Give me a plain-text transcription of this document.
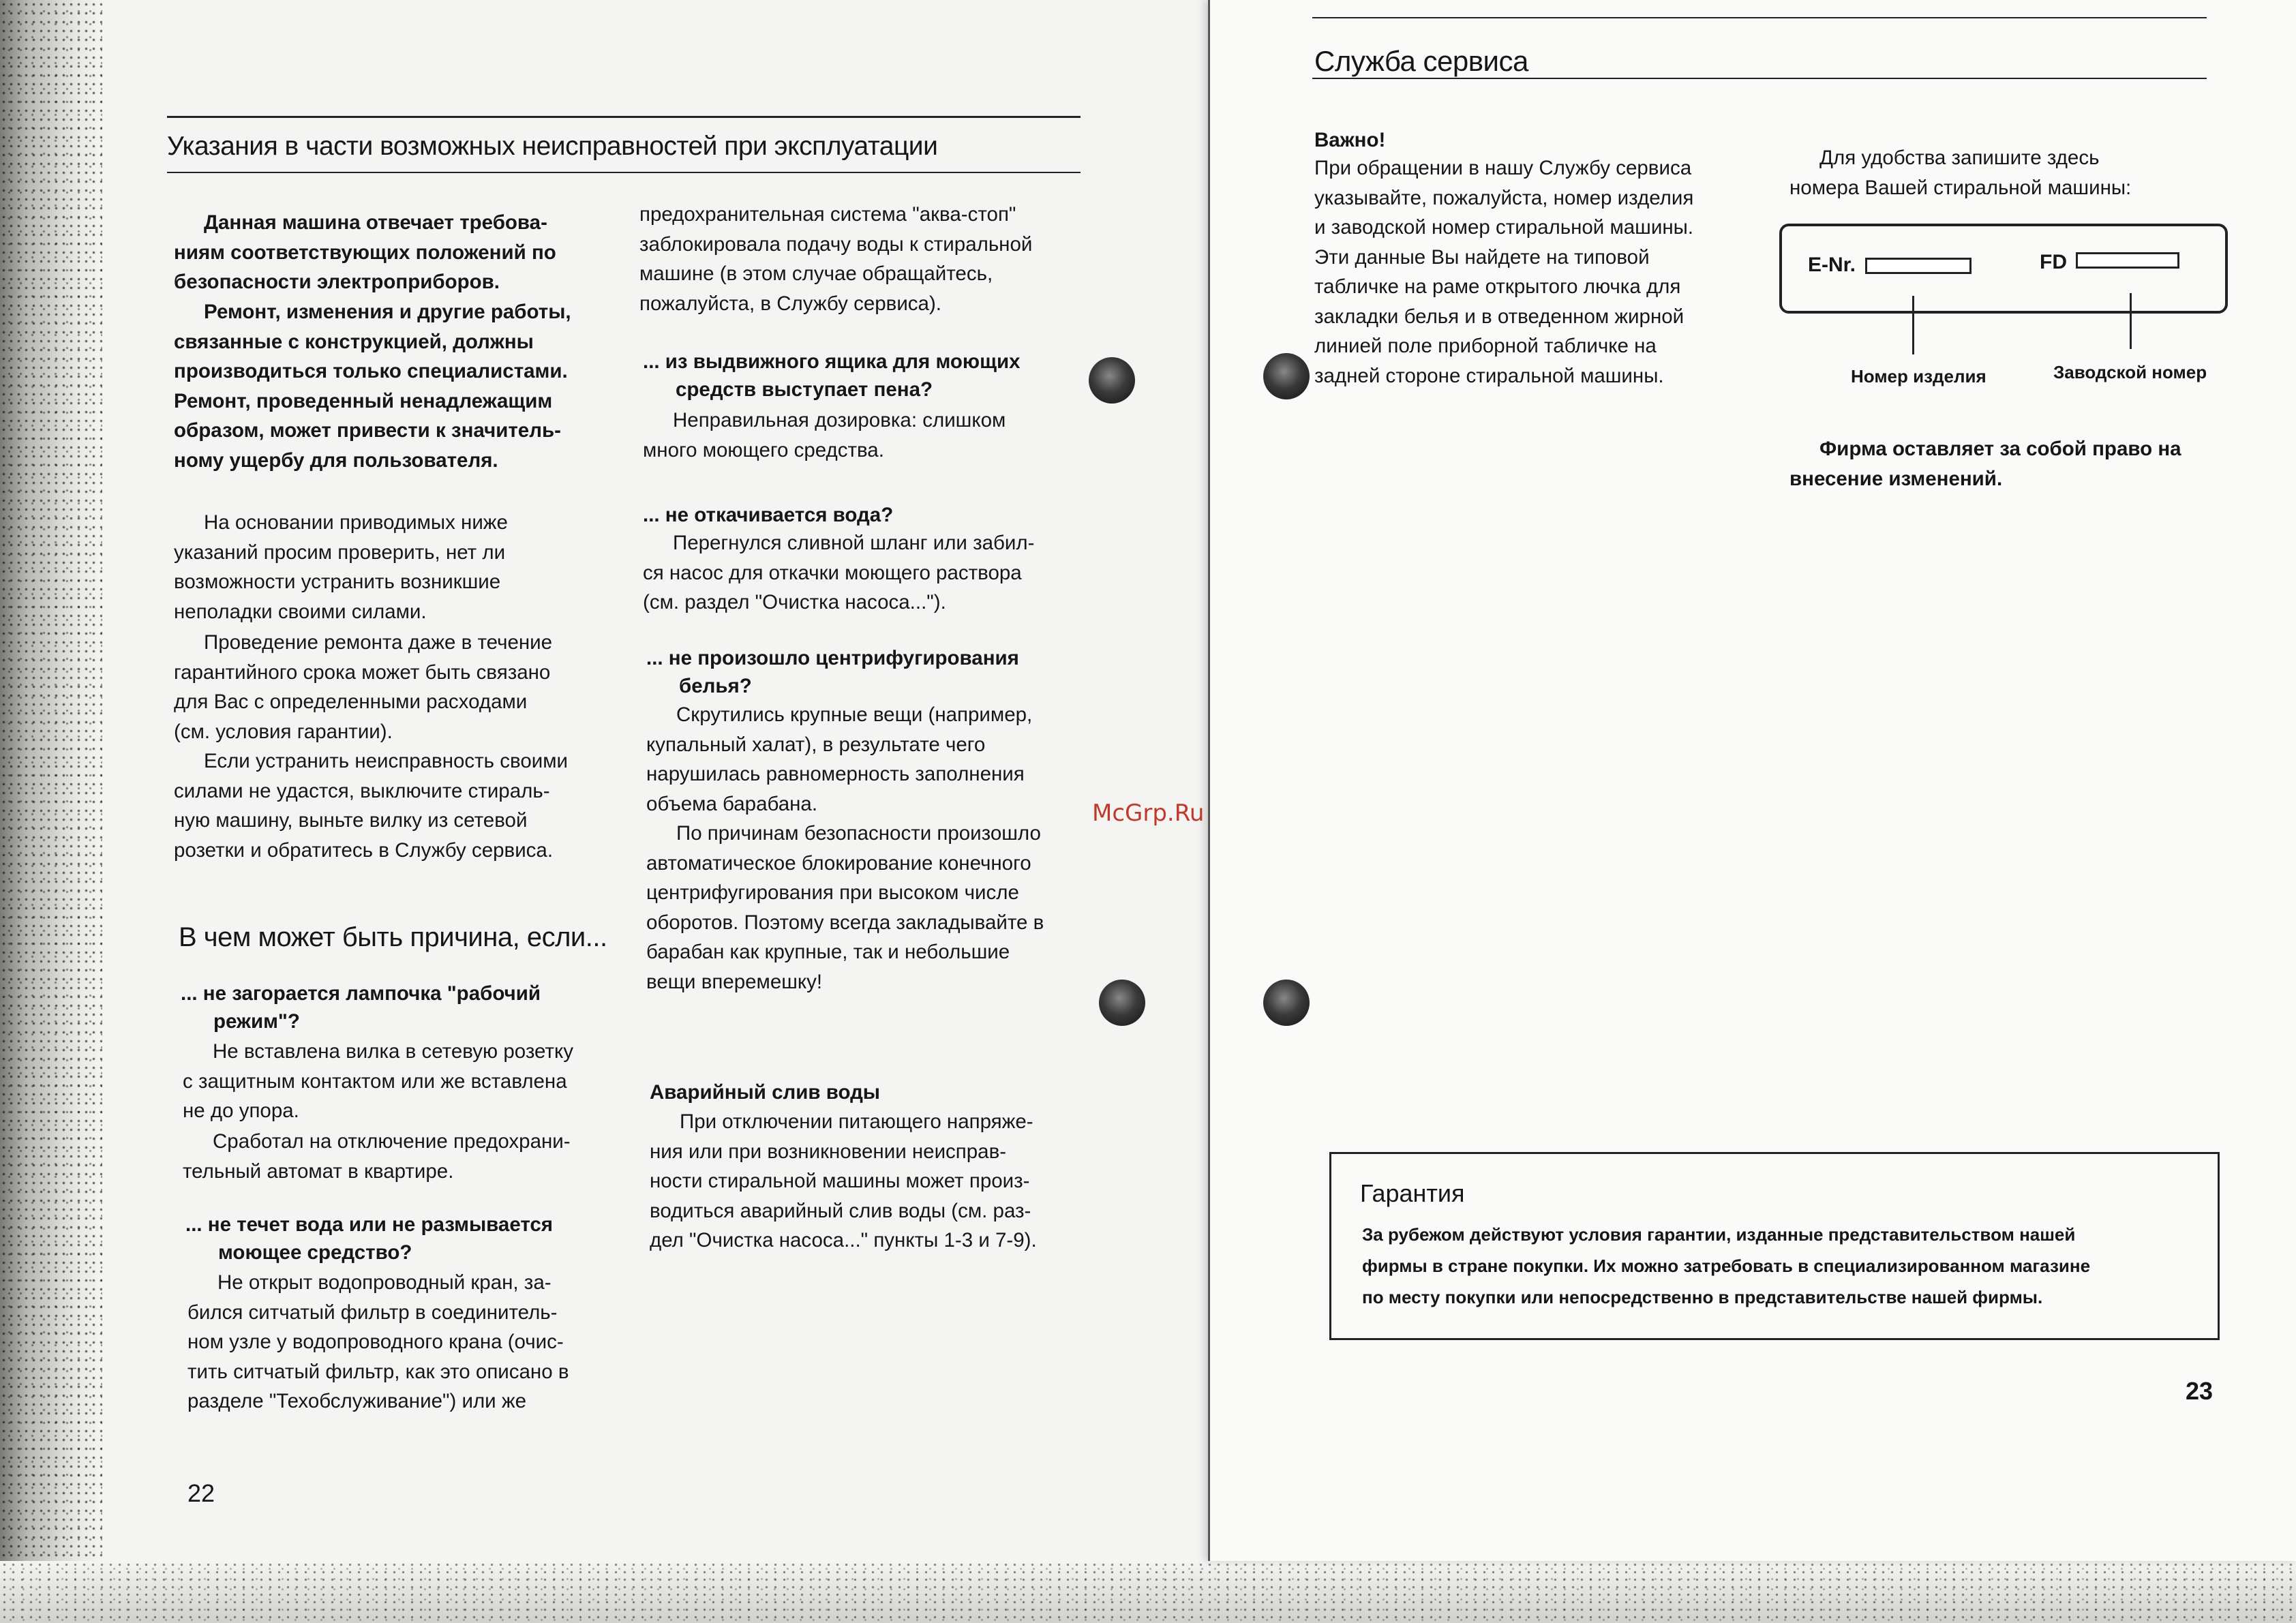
Указания в части возможных неисправностей при эксплуатации
Данная машина отвечает требова-
ниям соответствующих положений по
безопасности электроприборов.
Ремонт, изменения и другие работы,
связанные с конструкцией, должны
производиться только специалистами.
Ремонт, проведенный ненадлежащим
образом, может привести к значитель-
ному ущербу для пользователя.
На основании приводимых ниже
указаний просим проверить, нет ли
возможности устранить возникшие
неполадки своими силами.
Проведение ремонта даже в течение
гарантийного срока может быть связано
для Вас с определенными расходами
(см. условия гарантии).
Если устранить неисправность своими
силами не удастся, выключите стираль-
ную машину, выньте вилку из сетевой
розетки и обратитесь в Службу сервиса.
В чем может быть причина, если...
... не загорается лампочка "рабочий
режим"?
Не вставлена вилка в сетевую розетку
с защитным контактом или же вставлена
не до упора.
Сработал на отключение предохрани-
тельный автомат в квартире.
... не течет вода или не размывается
моющее средство?
Не открыт водопроводный кран, за-
бился ситчатый фильтр в соединитель-
ном узле у водопроводного крана (очис-
тить ситчатый фильтр, как это описано в
разделе "Техобслуживание") или же
22
предохранительная система "аква-стоп"
заблокировала подачу воды к стиральной
машине (в этом случае обращайтесь,
пожалуйста, в Службу сервиса).
... из выдвижного ящика для моющих
средств выступает пена?
Неправильная дозировка: слишком
много моющего средства.
... не откачивается вода?
Перегнулся сливной шланг или забил-
ся насос для откачки моющего раствора
(см. раздел "Очистка насоса...").
... не произошло центрифугирования
белья?
Скрутились крупные вещи (например,
купальный халат), в результате чего
нарушилась равномерность заполнения
объема барабана.
По причинам безопасности произошло
автоматическое блокирование конечного
центрифугирования при высоком числе
оборотов. Поэтому всегда закладывайте в
барабан как крупные, так и небольшие
вещи вперемешку!
Аварийный слив воды
При отключении питающего напряже-
ния или при возникновении неисправ-
ности стиральной машины может произ-
водиться аварийный слив воды (см. раз-
дел "Очистка насоса..." пункты 1-3 и 7-9).
McGrp.Ru
Служба сервиса
Важно!
При обращении в нашу Службу сервиса
указывайте, пожалуйста, номер изделия
и заводской номер стиральной машины.
Эти данные Вы найдете на типовой
табличке на раме открытого лючка для
закладки белья и в отведенном жирной
линией поле приборной табличке на
задней стороне стиральной машины.
Для удобства запишите здесь
номера Вашей стиральной машины:
E-Nr.	FD
Номер изделия	Заводской номер
Фирма оставляет за собой право на
внесение изменений.
Гарантия
За рубежом действуют условия гарантии, изданные представительством нашей
фирмы в стране покупки. Их можно затребовать в специализированном магазине
по месту покупки или непосредственно в представительстве нашей фирмы.
23
